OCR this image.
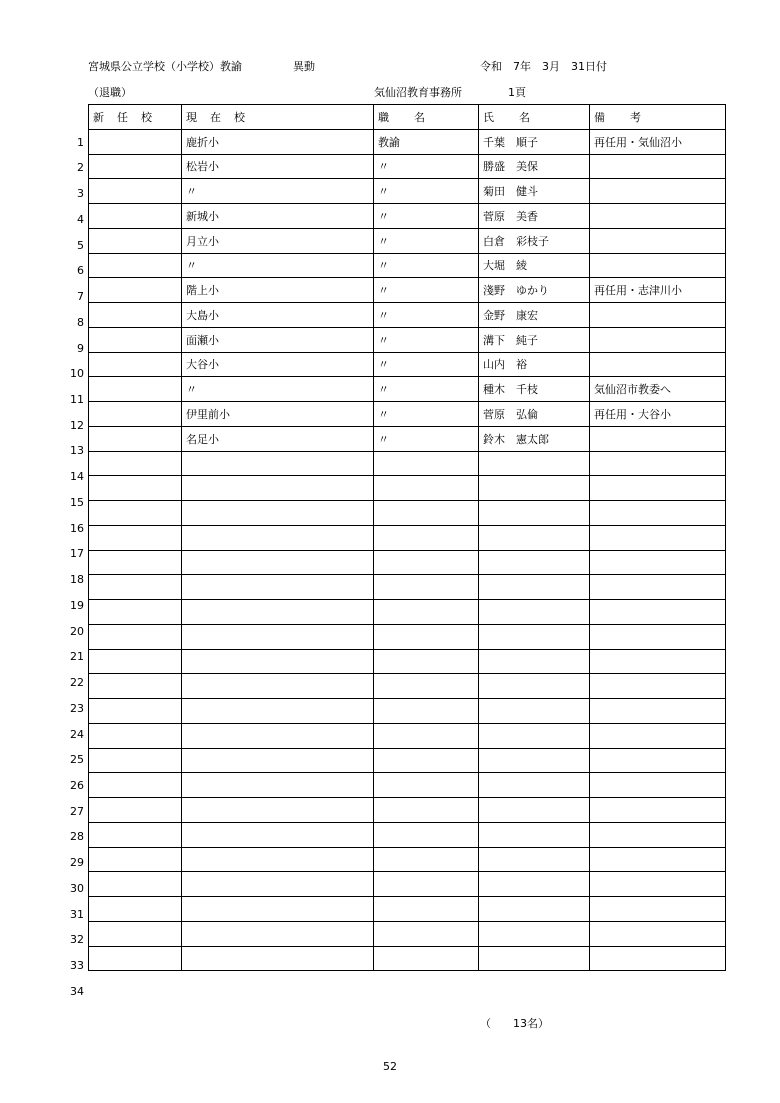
宮城県公立学校（小学校）教諭	異動	令和　7年　3月　31日付
（退職）	気仙沼教育事務所	1頁
新　任　校	現　在　校	職　　名	氏　　名	備　　考
	鹿折小	教諭	千葉　順子	再任用・気仙沼小
	松岩小	〃	勝盛　美保	
	〃	〃	菊田　健斗	
	新城小	〃	菅原　美香	
	月立小	〃	白倉　彩枝子	
	〃	〃	大堀　綾	
	階上小	〃	淺野　ゆかり	再任用・志津川小
	大島小	〃	金野　康宏	
	面瀬小	〃	溝下　純子	
	大谷小	〃	山内　裕	
	〃	〃	種木　千枝	気仙沼市教委へ
	伊里前小	〃	菅原　弘倫	再任用・大谷小
	名足小	〃	鈴木　憲太郎	

1
2
3
4
5
6
7
8
9
10
11
12
13
14
15
16
17
18
19
20
21
22
23
24
25
26
27
28
29
30
31
32
33
34
（　　13名）
52
